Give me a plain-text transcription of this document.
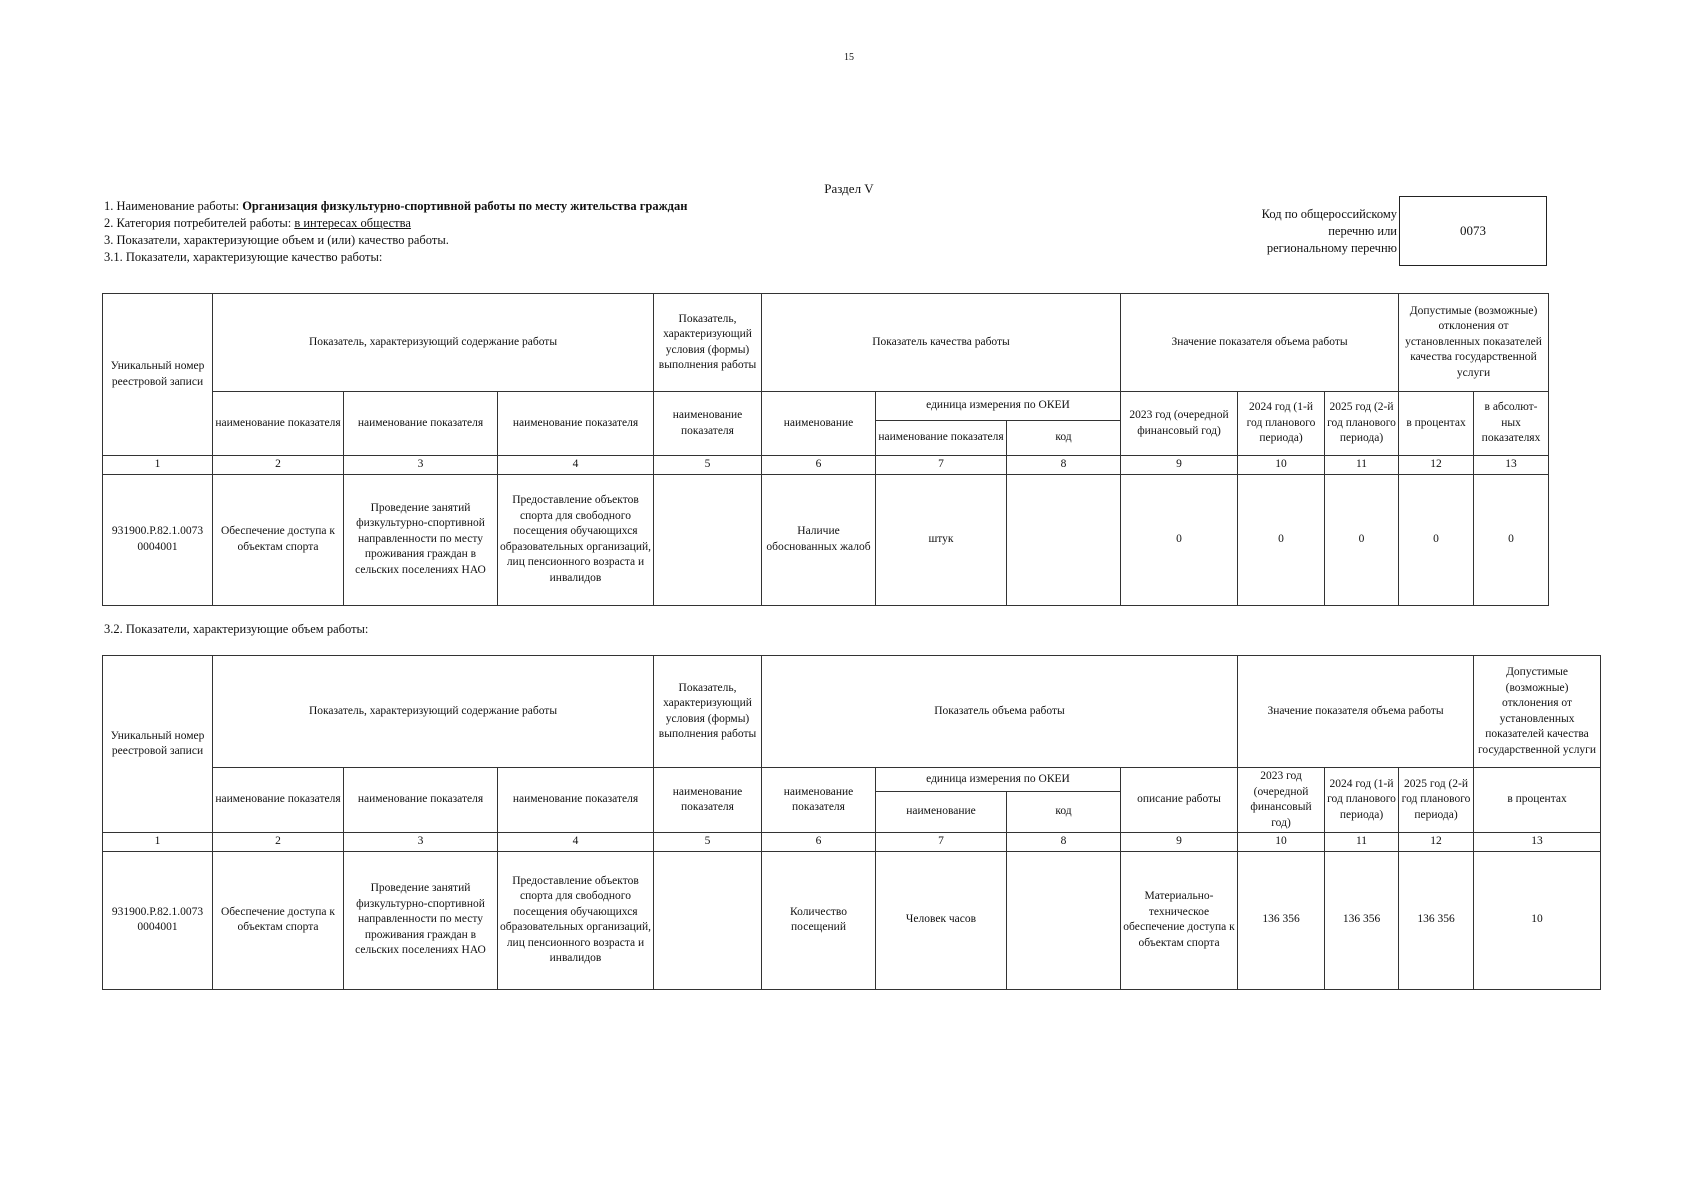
15
Раздел V
1. Наименование работы: Организация физкультурно-спортивной работы по месту жительства граждан
2. Категория потребителей работы: в интересах общества
3. Показатели, характеризующие объем и (или) качество работы.
3.1. Показатели, характеризующие качество работы:
Код по общероссийскому
перечню или
региональному перечню
0073
Уникальный номер реестровой записи	Показатель, характеризующий содержание работы			Показатель, характеризующий условия (формы) выполнения работы	Показатель качества работы			Значение показателя объема работы			Допустимые (возможные) отклонения от установленных показателей качества государственной услуги	
	наименование показателя	наименование показателя	наименование показателя	наименование показателя	наименование	единица измерения по ОКЕИ		2023 год (очередной финансовый год)	2024 год (1-й год планового периода)	2025 год (2-й год планового периода)	в процентах	в абсолют-ных показателях
						наименование показателя	код					
1	2	3	4	5	6	7	8	9	10	11	12	13
931900.Р.82.1.0073 0004001	Обеспечение доступа к объектам спорта	Проведение занятий физкультурно-спортивной направленности по месту проживания граждан в сельских поселениях НАО	Предоставление объектов спорта для свободного посещения обучающихся образовательных организаций, лиц пенсионного возраста и инвалидов		Наличие обоснованных жалоб	штук		0	0	0	0	0
3.2. Показатели, характеризующие объем работы:
Уникальный номер реестровой записи	Показатель, характеризующий содержание работы			Показатель, характеризующий условия (формы) выполнения работы	Показатель объема работы				Значение показателя объема работы			Допустимые (возможные) отклонения от установленных показателей качества государственной услуги
	наименование показателя	наименование показателя	наименование показателя	наименование показателя	наименование показателя	единица измерения по ОКЕИ		описание работы	2023 год (очередной финансовый год)	2024 год (1-й год планового периода)	2025 год (2-й год планового периода)	в процентах
						наименование	код					
1	2	3	4	5	6	7	8	9	10	11	12	13
931900.Р.82.1.0073 0004001	Обеспечение доступа к объектам спорта	Проведение занятий физкультурно-спортивной направленности по месту проживания граждан в сельских поселениях НАО	Предоставление объектов спорта для свободного посещения обучающихся образовательных организаций, лиц пенсионного возраста и инвалидов		Количество посещений	Человек часов		Материально-техническое обеспечение доступа к объектам спорта	136 356	136 356	136 356	10
